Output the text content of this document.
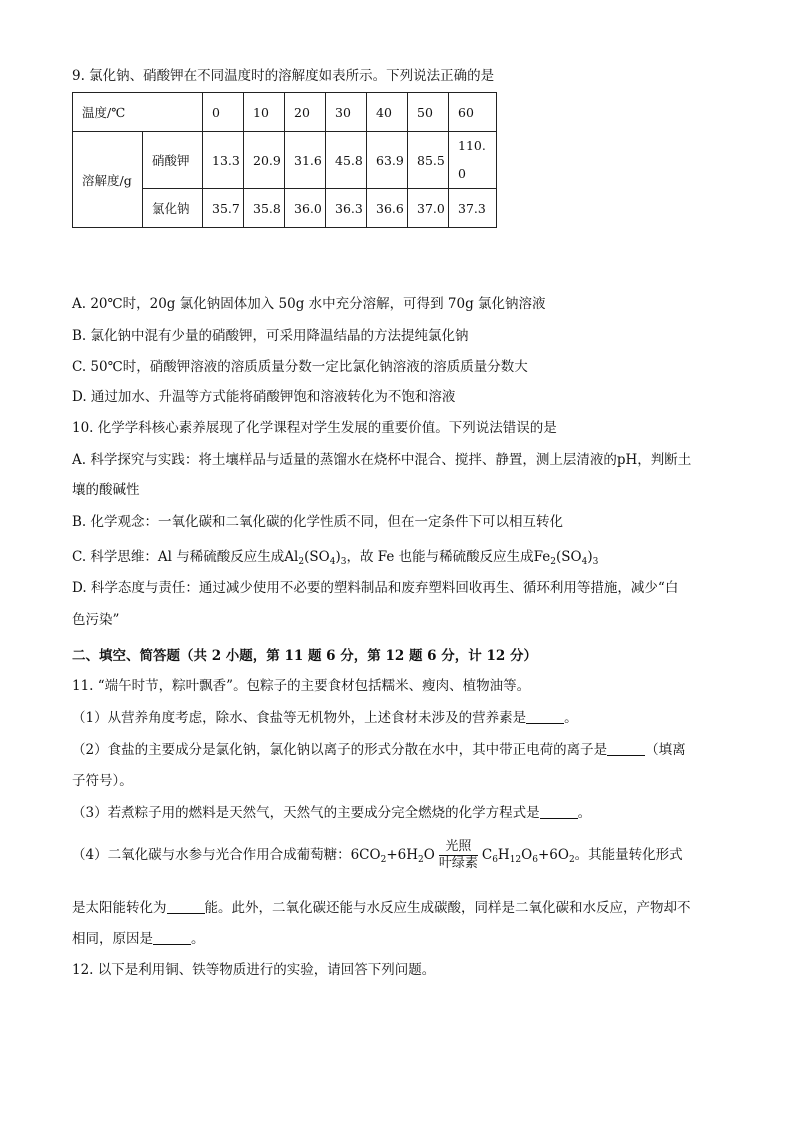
9. 氯化钠、硝酸钾在不同温度时的溶解度如表所示。下列说法正确的是

温度/℃		0	10	20	30	40	50	60
溶解度/g	硝酸钾	13.3	20.9	31.6	45.8	63.9	85.5	110.
0
	氯化钠	35.7	35.8	36.0	36.3	36.6	37.0	37.3

A. 20℃时，20g 氯化钠固体加入 50g 水中充分溶解，可得到 70g 氯化钠溶液

B. 氯化钠中混有少量的硝酸钾，可采用降温结晶的方法提纯氯化钠

C. 50℃时，硝酸钾溶液的溶质质量分数一定比氯化钠溶液的溶质质量分数大

D. 通过加水、升温等方式能将硝酸钾饱和溶液转化为不饱和溶液

10. 化学学科核心素养展现了化学课程对学生发展的重要价值。下列说法错误的是

A. 科学探究与实践：将土壤样品与适量的蒸馏水在烧杯中混合、搅拌、静置，测上层清液的pH，判断土

壤的酸碱性

B. 化学观念：一氧化碳和二氧化碳的化学性质不同，但在一定条件下可以相互转化

C. 科学思维：Al 与稀硫酸反应生成$Al_2(SO_4)_3$，故 Fe 也能与稀硫酸反应生成$Fe_2(SO_4)_3$

D. 科学态度与责任：通过减少使用不必要的塑料制品和废弃塑料回收再生、循环利用等措施，减少“白

色污染”

二、填空、简答题（共 2 小题，第 11 题 6 分，第 12 题 6 分，计 12 分）

11. “端午时节，粽叶飘香”。包粽子的主要食材包括糯米、瘦肉、植物油等。

（1）从营养角度考虑，除水、食盐等无机物外，上述食材未涉及的营养素是	。

（2）食盐的主要成分是氯化钠，氯化钠以离子的形式分散在水中，其中带正电荷的离子是	（填离

子符号）。

（3）若煮粽子用的燃料是天然气，天然气的主要成分完全燃烧的化学方程式是	。

（4）二氧化碳与水参与光合作用合成葡萄糖：$6CO_2+6H_2O \frac{\text{光照}}{\text{叶绿素}} C_6H_{12}O_6+6O_2$。其能量转化形式

是太阳能转化为	能。此外，二氧化碳还能与水反应生成碳酸，同样是二氧化碳和水反应，产物却不

相同，原因是	。

12. 以下是利用铜、铁等物质进行的实验，请回答下列问题。
